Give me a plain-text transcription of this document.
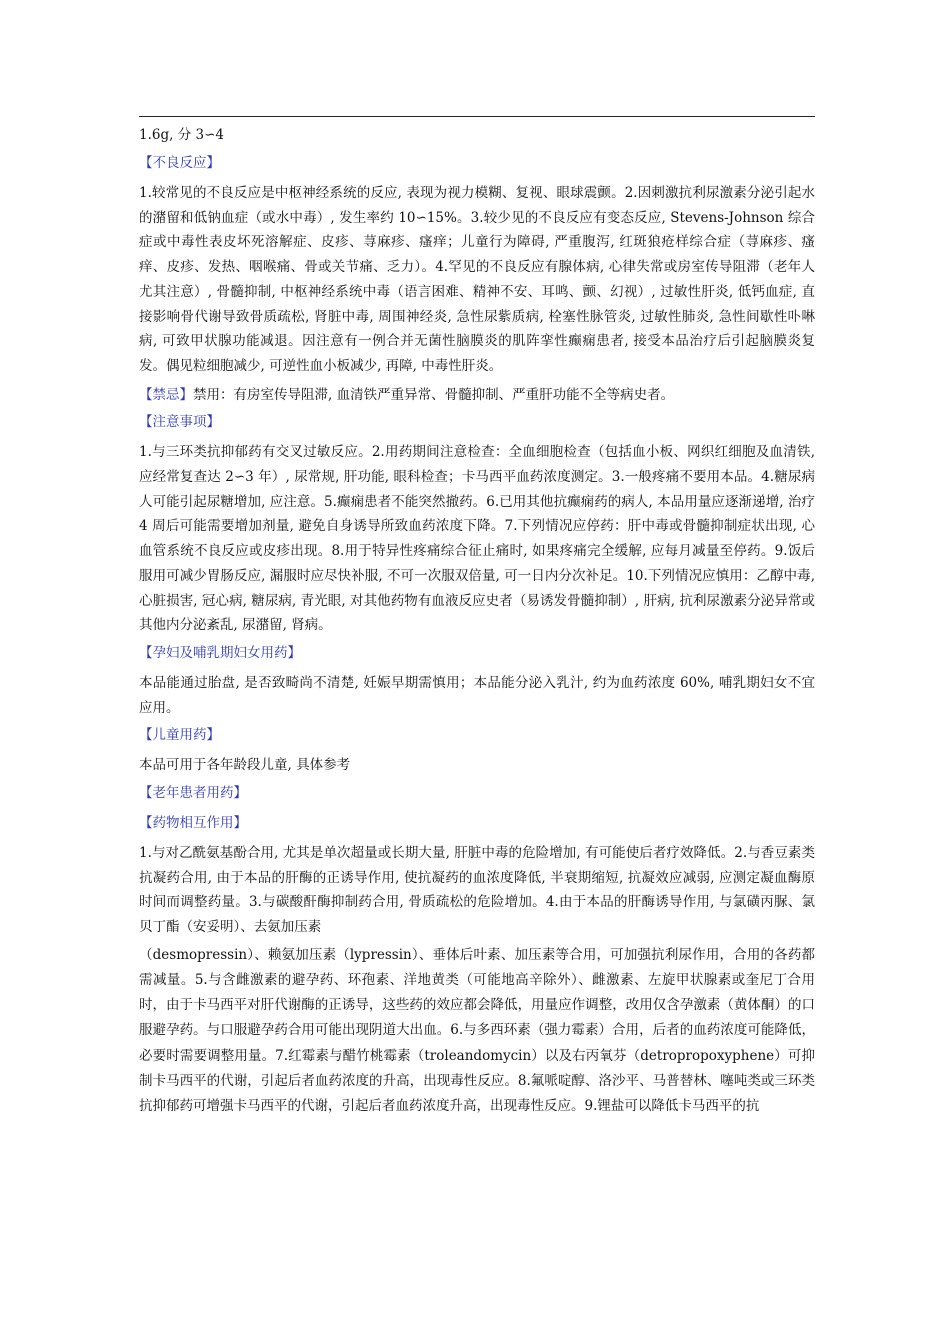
1.6g, 分 3∽4
【不良反应】
1.较常见的不良反应是中枢神经系统的反应, 表现为视力模糊、复视、眼球震颤。2.因刺激抗利尿激素分泌引起水的潴留和低钠血症（或水中毒）, 发生率约 10∽15%。3.较少见的不良反应有变态反应, Stevens-Johnson 综合症或中毒性表皮坏死溶解症、皮疹、荨麻疹、瘙痒；儿童行为障碍, 严重腹泻, 红斑狼疮样综合症（荨麻疹、瘙痒、皮疹、发热、咽喉痛、骨或关节痛、乏力）。4.罕见的不良反应有腺体病, 心律失常或房室传导阻滞（老年人尤其注意）, 骨髓抑制, 中枢神经系统中毒（语言困难、精神不安、耳鸣、颤、幻视）, 过敏性肝炎, 低钙血症, 直接影响骨代谢导致骨质疏松, 肾脏中毒, 周围神经炎, 急性尿紫质病, 栓塞性脉管炎, 过敏性肺炎, 急性间歇性卟啉病, 可致甲状腺功能减退。因注意有一例合并无菌性脑膜炎的肌阵挛性癫痫患者, 接受本品治疗后引起脑膜炎复发。偶见粒细胞减少, 可逆性血小板减少, 再障, 中毒性肝炎。
【禁忌】禁用：有房室传导阻滞, 血清铁严重异常、骨髓抑制、严重肝功能不全等病史者。
【注意事项】
1.与三环类抗抑郁药有交叉过敏反应。2.用药期间注意检查：全血细胞检查（包括血小板、网织红细胞及血清铁, 应经常复查达 2∽3 年）, 尿常规, 肝功能, 眼科检查；卡马西平血药浓度测定。3.一般疼痛不要用本品。4.糖尿病人可能引起尿糖增加, 应注意。5.癫痫患者不能突然撤药。6.已用其他抗癫痫药的病人, 本品用量应逐渐递增, 治疗 4 周后可能需要增加剂量, 避免自身诱导所致血药浓度下降。7.下列情况应停药：肝中毒或骨髓抑制症状出现, 心血管系统不良反应或皮疹出现。8.用于特异性疼痛综合征止痛时, 如果疼痛完全缓解, 应每月减量至停药。9.饭后服用可减少胃肠反应, 漏服时应尽快补服, 不可一次服双倍量, 可一日内分次补足。10.下列情况应慎用：乙醇中毒, 心脏损害, 冠心病, 糖尿病, 青光眼, 对其他药物有血液反应史者（易诱发骨髓抑制）, 肝病, 抗利尿激素分泌异常或其他内分泌紊乱, 尿潴留, 肾病。
【孕妇及哺乳期妇女用药】
本品能通过胎盘, 是否致畸尚不清楚, 妊娠早期需慎用；本品能分泌入乳汁, 约为血药浓度 60%, 哺乳期妇女不宜应用。
【儿童用药】
本品可用于各年龄段儿童, 具体参考
【老年患者用药】
【药物相互作用】
1.与对乙酰氨基酚合用, 尤其是单次超量或长期大量, 肝脏中毒的危险增加, 有可能使后者疗效降低。2.与香豆素类抗凝药合用, 由于本品的肝酶的正诱导作用, 使抗凝药的血浓度降低, 半衰期缩短, 抗凝效应减弱, 应测定凝血酶原时间而调整药量。3.与碳酸酐酶抑制药合用, 骨质疏松的危险增加。4.由于本品的肝酶诱导作用, 与氯磺丙脲、氯贝丁酯（安妥明）、去氨加压素
（desmopressin）、赖氨加压素（lypressin）、垂体后叶素、加压素等合用，可加强抗利尿作用，合用的各药都需减量。5.与含雌激素的避孕药、环孢素、洋地黄类（可能地高辛除外）、雌激素、左旋甲状腺素或奎尼丁合用时，由于卡马西平对肝代谢酶的正诱导，这些药的效应都会降低，用量应作调整，改用仅含孕激素（黄体酮）的口服避孕药。与口服避孕药合用可能出现阴道大出血。6.与多西环素（强力霉素）合用，后者的血药浓度可能降低，必要时需要调整用量。7.红霉素与醋竹桃霉素（troleandomycin）以及右丙氧芬（detropropoxyphene）可抑制卡马西平的代谢，引起后者血药浓度的升高，出现毒性反应。8.氟哌啶醇、洛沙平、马普替林、噻吨类或三环类抗抑郁药可增强卡马西平的代谢，引起后者血药浓度升高，出现毒性反应。9.锂盐可以降低卡马西平的抗
